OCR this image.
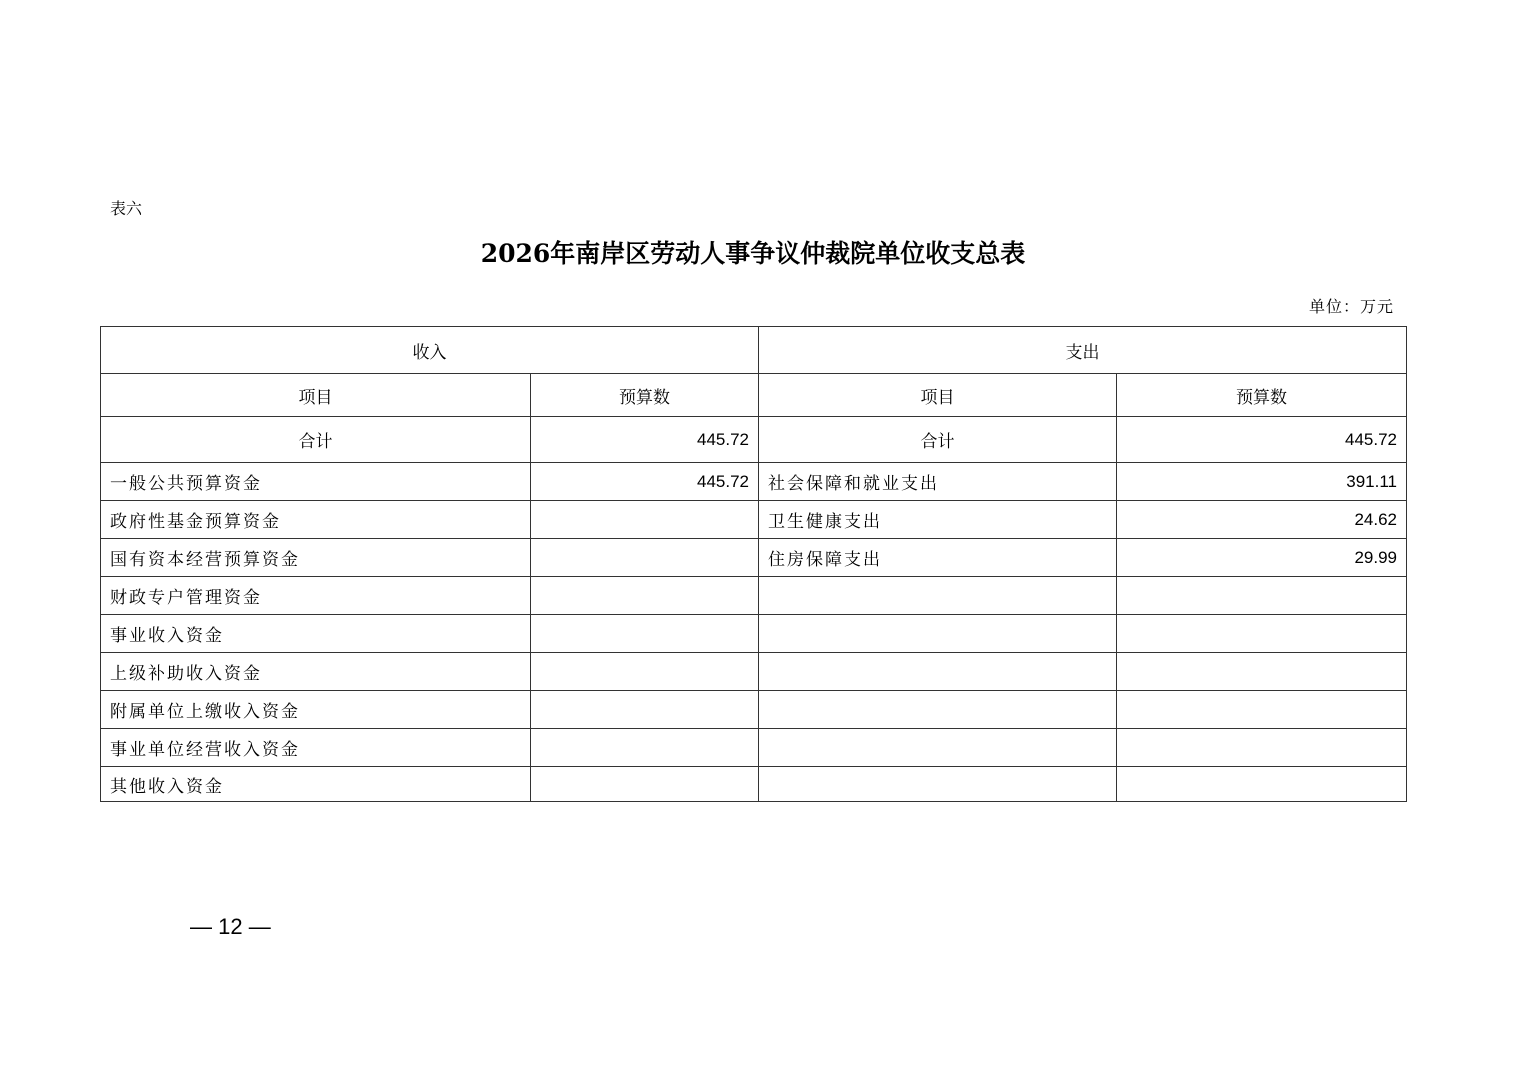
表六
2026年南岸区劳动人事争议仲裁院单位收支总表
单位：万元
收入		支出	
项目	预算数	项目	预算数
合计	445.72	合计	445.72
一般公共预算资金	445.72	社会保障和就业支出	391.11
政府性基金预算资金		卫生健康支出	24.62
国有资本经营预算资金		住房保障支出	29.99
财政专户管理资金			
事业收入资金			
上级补助收入资金			
附属单位上缴收入资金			
事业单位经营收入资金			
其他收入资金			
— 12 —
